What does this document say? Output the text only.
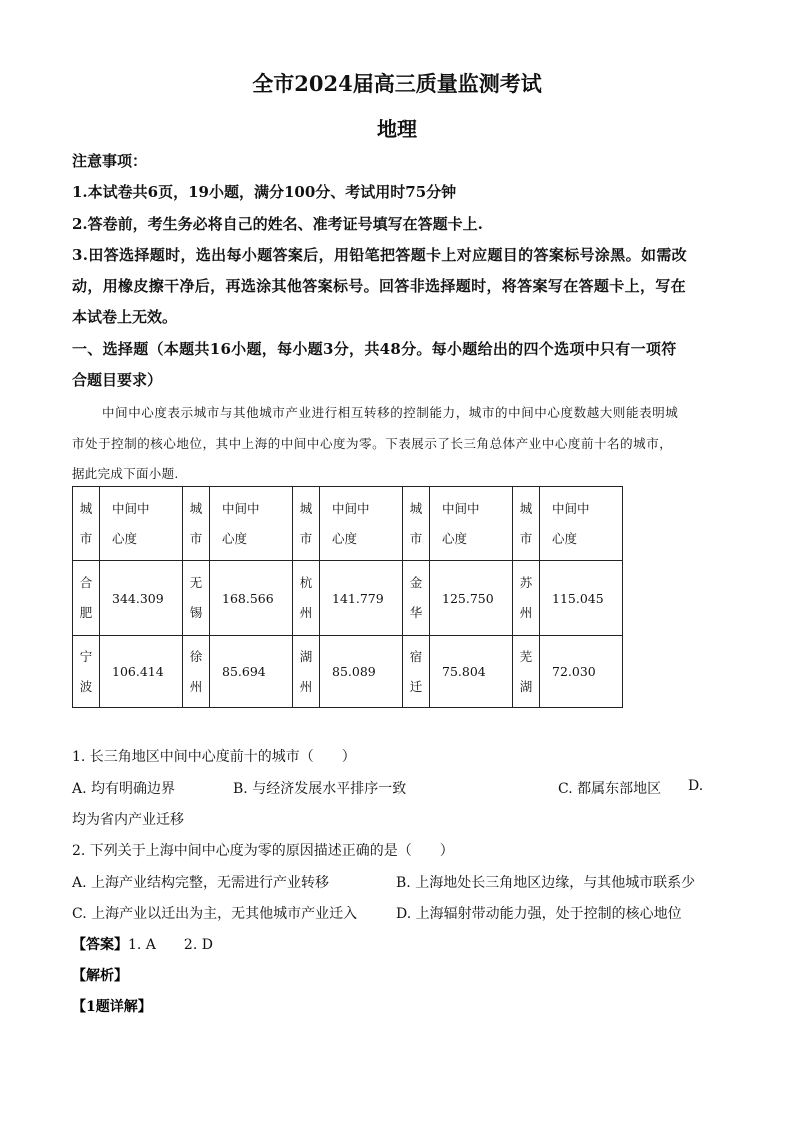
全市2024届高三质量监测考试
地理
注意事项：
1.本试卷共6页，19小题，满分100分、考试用时75分钟
2.答卷前，考生务必将自己的姓名、准考证号填写在答题卡上.
3.田答选择题时，选出每小题答案后，用铅笔把答题卡上对应题目的答案标号涂黑。如需改
动，用橡皮擦干净后，再选涂其他答案标号。回答非选择题时，将答案写在答题卡上，写在
本试卷上无效。
一、选择题（本题共16小题，每小题3分，共48分。每小题给出的四个选项中只有一项符
合题目要求）
中间中心度表示城市与其他城市产业进行相互转移的控制能力，城市的中间中心度数越大则能表明城
市处于控制的核心地位，其中上海的中间中心度为零。下表展示了长三角总体产业中心度前十名的城市，
据此完成下面小题.
城
市	中间中
心度	城
市	中间中
心度	城
市	中间中
心度	城
市	中间中
心度	城
市	中间中
心度

合
肥	344.309	无
锡	168.566	杭
州	141.779	金
华	125.750	苏
州	115.045

宁
波	106.414	徐
州	85.694	湖
州	85.089	宿
迁	75.804	芜
湖	72.030
1. 长三角地区中间中心度前十的城市（　　）
A. 均有明确边界	B. 与经济发展水平排序一致	C. 都属东部地区 D.
均为省内产业迁移
2. 下列关于上海中间中心度为零的原因描述正确的是（　　）
A. 上海产业结构完整，无需进行产业转移	B. 上海地处长三角地区边缘，与其他城市联系少
C. 上海产业以迁出为主，无其他城市产业迁入	D. 上海辐射带动能力强，处于控制的核心地位
【答案】1. A　　2. D
【解析】
【1题详解】
